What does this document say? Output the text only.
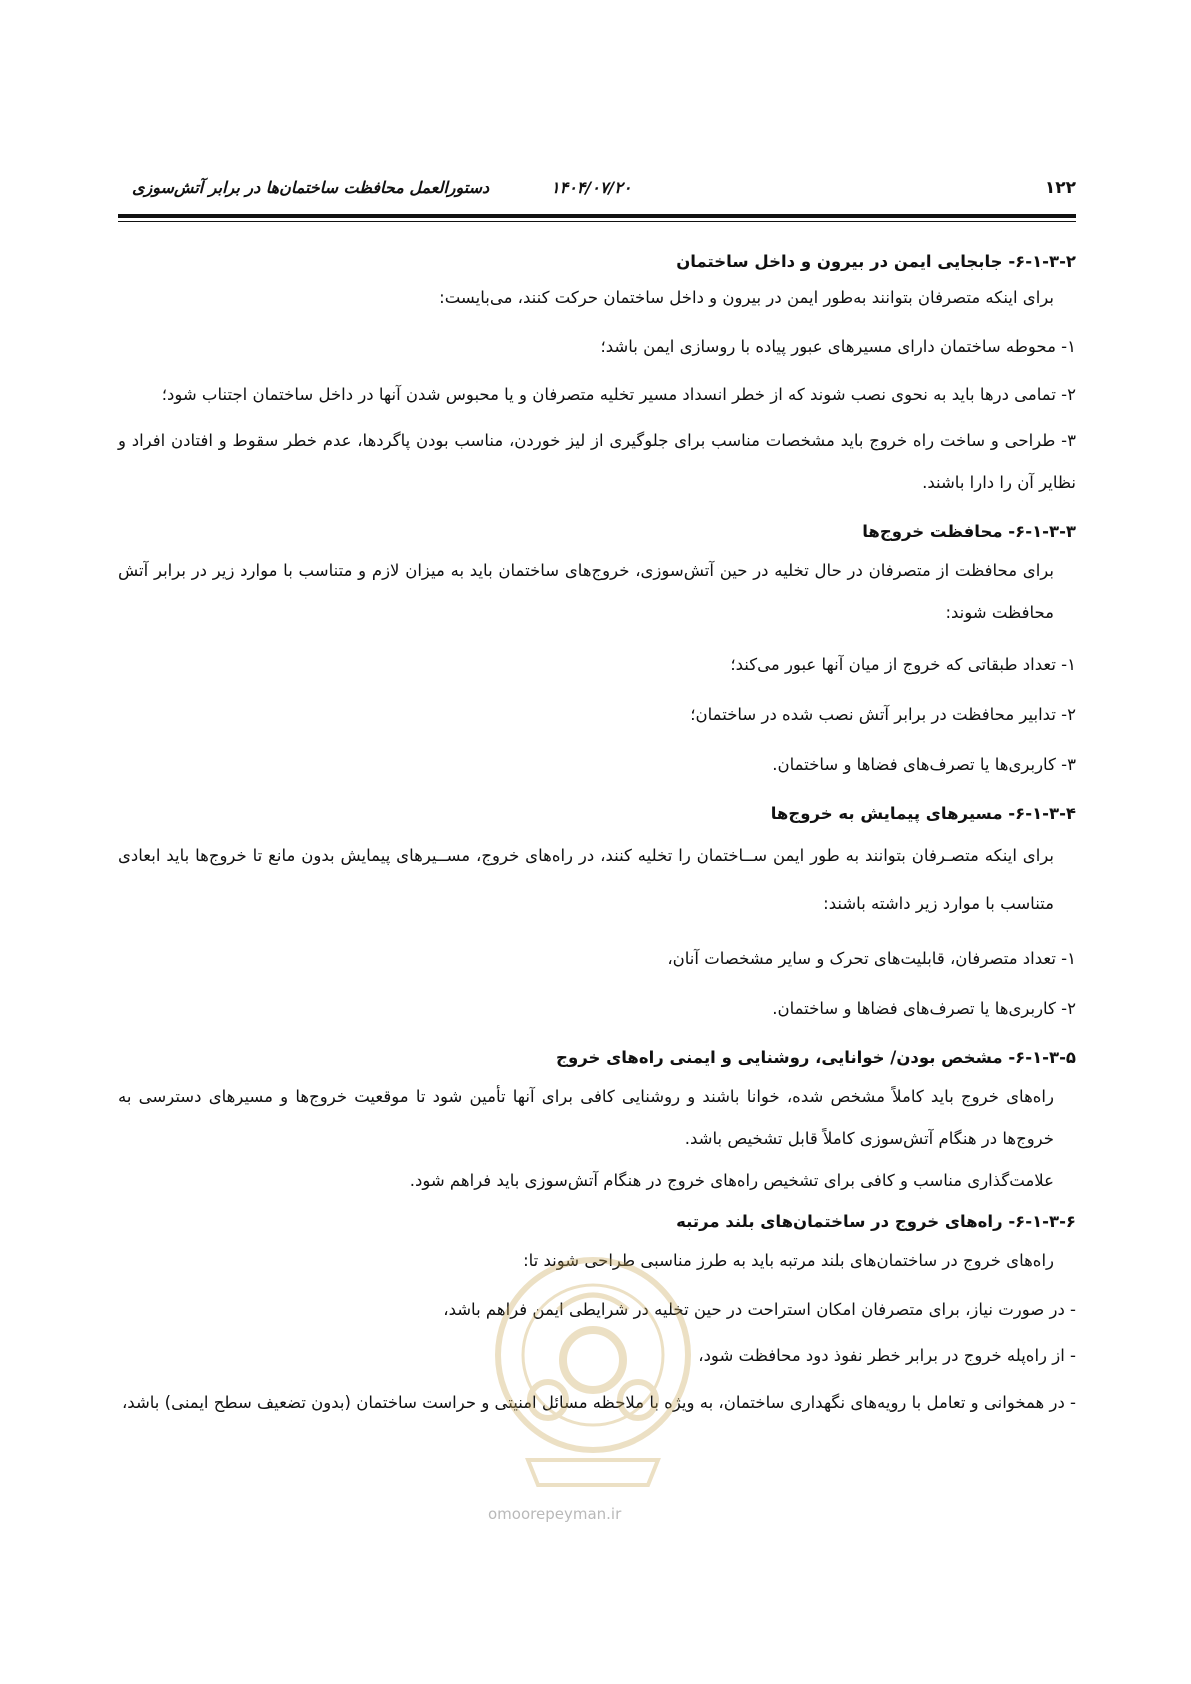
۱۲۲
۱۴۰۴/۰۷/۲۰
دستورالعمل محافظت ساختمان‌ها در برابر آتش‌سوزی

۶-۱-۳-۲- جابجایی ایمن در بیرون و داخل ساختمان

برای اینکه متصرفان بتوانند به‌طور ایمن در بیرون و داخل ساختمان حرکت کنند، می‌بایست:

۱- محوطه ساختمان دارای مسیرهای عبور پیاده با روسازی ایمن باشد؛

۲- تمامی درها باید به نحوی نصب شوند که از خطر انسداد مسیر تخلیه متصرفان و یا محبوس شدن آنها در داخل ساختمان اجتناب شود؛

۳- طراحی و ساخت راه خروج باید مشخصات مناسب برای جلوگیری از لیز خوردن، مناسب بودن پاگردها، عدم خطر سقوط و افتادن افراد و نظایر آن را دارا باشند.

۶-۱-۳-۳- محافظت خروج‌ها

برای محافظت از متصرفان در حال تخلیه در حین آتش‌سوزی، خروج‌های ساختمان باید به میزان لازم و متناسب با موارد زیر در برابر آتش محافظت شوند:

۱- تعداد طبقاتی که خروج از میان آنها عبور می‌کند؛

۲- تدابیر محافظت در برابر آتش نصب شده در ساختمان؛

۳- کاربری‌ها یا تصرف‌های فضاها و ساختمان.

۶-۱-۳-۴- مسیرهای پیمایش به خروج‌ها

برای اینکه متصـرفان بتوانند به طور ایمن ســاختمان را تخلیه کنند، در راه‌های خروج، مســیرهای پیمایش بدون مانع تا خروج‌ها باید ابعادی متناسب با موارد زیر داشته باشند:

۱- تعداد متصرفان، قابلیت‌های تحرک و سایر مشخصات آنان،

۲- کاربری‌ها یا تصرف‌های فضاها و ساختمان.

۶-۱-۳-۵- مشخص بودن/ خوانایی، روشنایی و ایمنی راه‌های خروج

راه‌های خروج باید کاملاً مشخص شده، خوانا باشند و روشنایی کافی برای آنها تأمین شود تا موقعیت خروج‌ها و مسیرهای دسترسی به خروج‌ها در هنگام آتش‌سوزی کاملاً قابل تشخیص باشد.

علامت‌گذاری مناسب و کافی برای تشخیص راه‌های خروج در هنگام آتش‌سوزی باید فراهم شود.

۶-۱-۳-۶- راه‌های خروج در ساختمان‌های بلند مرتبه

راه‌های خروج در ساختمان‌های بلند مرتبه باید به طرز مناسبی طراحی شوند تا:

- در صورت نیاز، برای متصرفان امکان استراحت در حین تخلیه در شرایطی ایمن فراهم باشد،

- از راه‌پله خروج در برابر خطر نفوذ دود محافظت شود،

- در همخوانی و تعامل با رویه‌های نگهداری ساختمان، به ویژه با ملاحظه مسائل امنیتی و حراست ساختمان (بدون تضعیف سطح ایمنی) باشد،

omoorepeyman.ir
